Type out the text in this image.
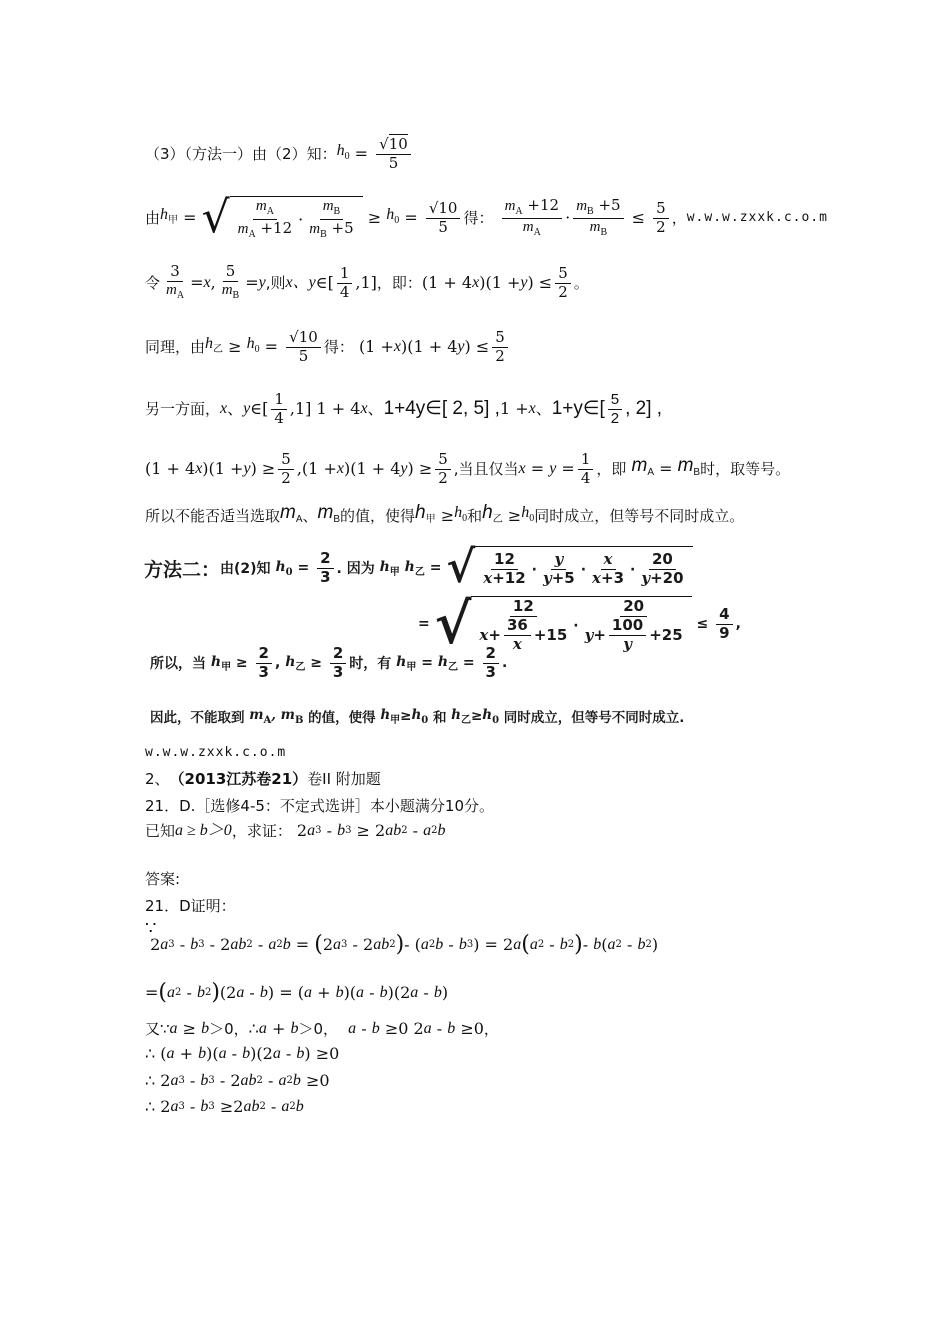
（3）（方法一）由（2）知： $h_0 = \frac{√10}{5}$
由 $h_甲$ = √ $\frac{m_A}{m_A +12} \cdot \frac{m_B}{m_B +5} \ge h_0 = \frac{√10}{5}$ 得：
$\frac{m_A +12}{m_A} \cdot \frac{m_B +5}{m_B} \le \frac{5}{2}$ ， w.w.w.zxxk.c.o.m
令 $\frac{3}{m_A} = x$ , $\frac{5}{m_B} = y$ ,则 x、y ∈[ $\frac{1}{4} ,1$] ，即： (1 + 4 x )(1 + y ) ≤ $\frac{5}{2}$ 。
同理，由 $h_乙 \ge h_0 = \frac{√10}{5}$ 得：
(1 + x )(1 + 4 y ) ≤ $\frac{5}{2}$
另一方面， x 、 y ∈[ $\frac{1}{4} ,1$] 1 + 4 x 、 1+4y∈[ 2, 5] , 1 + x 、 1+y∈[ $\frac{5}{2}$ , 2] ,
(1 + 4 x )(1 + y ) ≥ $\frac{5}{2} ,(1 + x$ )(1 + 4 y ) ≥ $\frac{5}{2}$ ,当且仅当 $x = y = \frac{1}{4}$ ，即
$m_A = m_B$ 时，取等号。
所以不能否适当选取 $m_A$ 、 $m_B$ 的值，使得 $h_甲 \ge h_0$ 和 $h_乙 \ge h_0$ 同时成立，但等号不同时成立。
方法二： 由(2)知
$h_0 = \frac{2}{3}$ . 因为
$h_甲$ $h_乙$ = √ $\frac{12}{x+12} \cdot \frac{y}{y+5} \cdot \frac{x}{x+3} \cdot \frac{20}{y+20}$
= √ $\frac{12}{x+ \frac{36}{x} +15} \cdot \frac{20}{y+ \frac{100}{y} +25} \le \frac{4}{9}$ ,
所以，当
$h_甲 \ge \frac{2}{3}$ , $h_乙 \ge \frac{2}{3}$ 时，有
$h_甲 = h_乙 = \frac{2}{3}$ .
因此，不能取到
$m_A$, $m_B$
的值，使得
$h_甲 \ge h_0$
和
$h_乙 \ge h_0$
同时成立，但等号不同时成立.
w.w.w.zxxk.c.o.m
2、 （2013江苏卷21） 卷II 附加题
21．D.［选修4-5：不定式选讲］本小题满分10分。
已知 a ≥ b＞0 ，求证：
2 a 3 - b 3 ≥ 2 ab 2 - a 2 b
答案:
21．D证明：
∵
2 a 3 - b 3 - 2 ab 2 - a 2 b = ( 2 a 3 - 2 ab 2 ) - ( a 2 b - b 3 ) = 2 a ( a 2 - b 2 ) - b ( a 2 - b 2 )
= ( a 2 - b 2 ) (2 a - b ) = ( a + b )( a - b )(2 a - b )
又∵ a ≥ b ＞0， ∴ a + b ＞0，
a - b ≥0 2 a - b ≥0 ，
∴ ( a + b )( a - b )(2 a - b ) ≥0
∴ 2 a 3 - b 3 - 2 ab 2 - a 2 b ≥0
∴ 2 a 3 - b 3 ≥2 ab 2 - a 2 b
